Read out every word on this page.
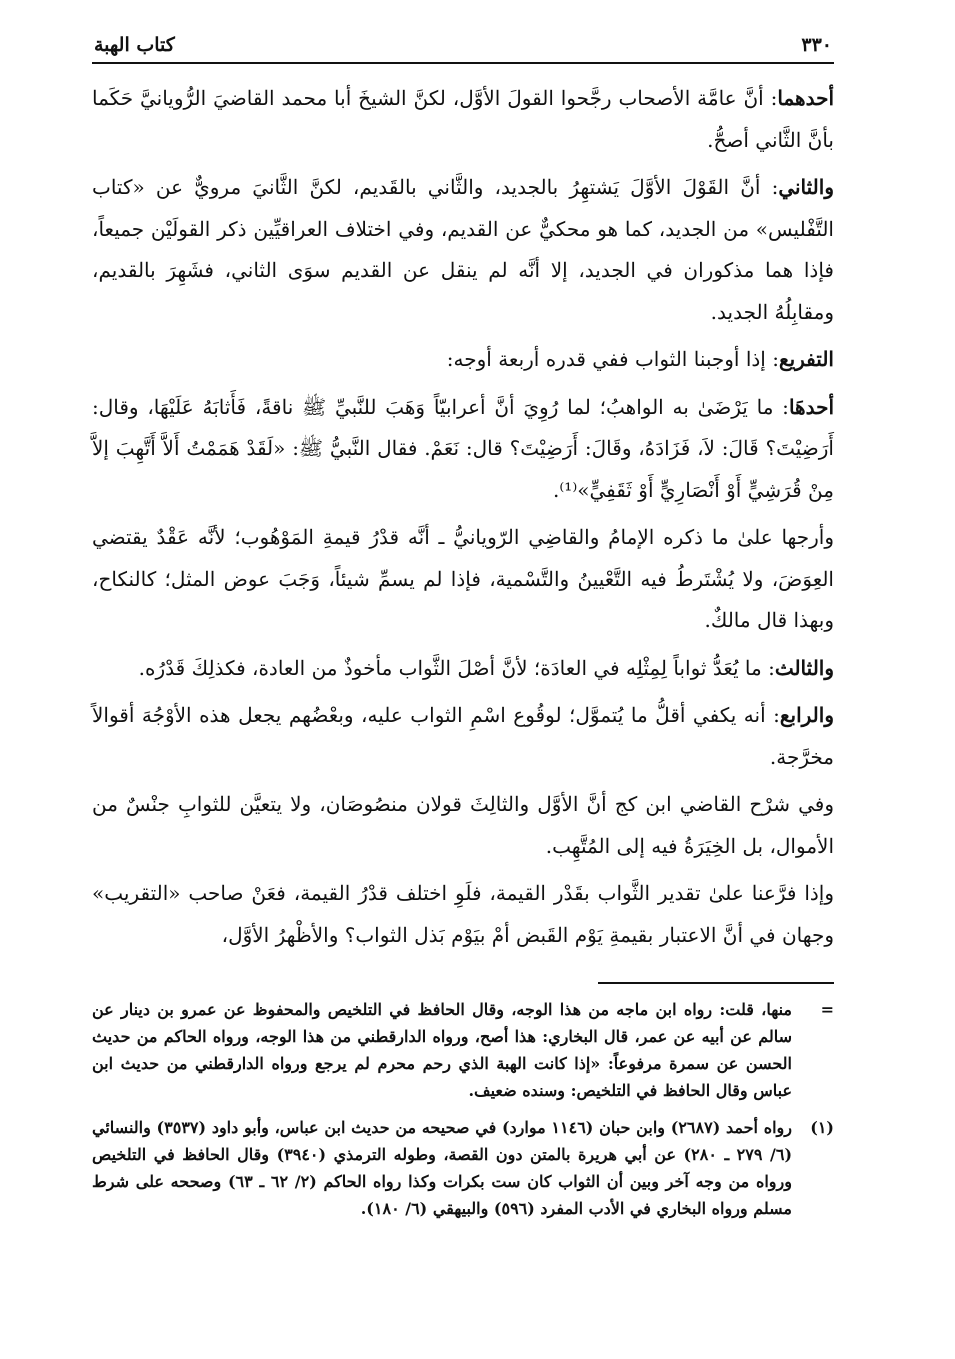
٣٣٠
كتاب الهبة

أحدهما: أنَّ عامَّة الأصحاب رجَّحوا القولَ الأوَّل، لكنَّ الشيخَ أبا محمد القاضيَ الرُّويانيَّ حَكَما بأنَّ الثَّاني أصحُّ.

والثاني: أنَّ القَوْلَ الأوَّلَ يَشتهِرُ بالجديد، والثَّاني بالقَديم، لكنَّ الثَّانيَ مرويٌّ عن «كتاب التَّفْليس» من الجديد، كما هو محكيٌّ عن القديم، وفي اختلاف العراقيِّين ذكر القولَيْن جميعاً، فإذا هما مذكوران في الجديد، إلا أنَّه لم ينقل عن القديم سوَى الثاني، فشَهِرَ بالقديم، ومقابِلُهُ الجديد.

التفريع: إذا أوجبنا الثواب ففي قدره أربعة أوجه:

أحدهَا: ما يَرْضَىٰ به الواهبُ؛ لما رُوِيَ أنَّ أعرابيّاً وَهَبَ للنَّبيِّ ﷺ ناقةً، فَأَثابَهُ عَلَيْهَا، وقال: أَرَضِيْتَ؟ قَالَ: لاَ، فَزَادَهُ، وقَالَ: أَرَضِيْتَ؟ قال: نَعَمْ. فقال النَّبيُّ ﷺ: «لَقَدْ هَمَمْتُ أَلاَّ أَتَّهِبَ إلاَّ مِنْ قُرَشِيٍّ أَوْ أَنْصَارِيٍّ أَوْ ثَقَفِيٍّ»⁽¹⁾.

وأرجها علىٰ ما ذكره الإمامُ والقاضِي الرّويانيُّ ـ أنَّه قدْرُ قيمةِ المَوْهُوب؛ لأنَّه عَقْدٌ يقتضي العِوَضَ، ولا يُشْتَرطُ فيه التَّعْيينُ والتَّسْمية، فإذا لم يسمِّ شيئاً، وَجَبَ عوض المثل؛ كالنكاح، وبهذا قال مالكٌ.

والثالث: ما يُعَدُّ ثواباً لِمِثْلِه في العادَة؛ لأنَّ أصْلَ الثَّواب مأخوذٌ من العادة، فكذلِكَ قَدْرُه.

والرابع: أنه يكفي أقلُّ ما يُتموَّل؛ لوقُوع اسْمِ الثواب عليه، وبعْضُهم يجعل هذه الأوْجُهَ أقوالاً مخرَّجة.

وفي شرْح القاضي ابن كج أنَّ الأوَّل والثالِثَ قولان منصُوصَان، ولا يتعيَّن للثوابِ جنْسٌ من الأموال، بل الخِيَرَةُ فيه إلى المُتَّهِب.

وإذا فرَّعنا علىٰ تقدير الثَّواب بقَدْر القيمة، فلَوِ اختلف قدْرُ القيمة، فعَنْ صاحب «التقريب» وجهان في أنَّ الاعتبار بقيمةِ يَوْم القَبض أمْ بيَوْم بَذل الثواب؟ والأظْهرُ الأوَّل،

=
منها، قلت: رواه ابن ماجه من هذا الوجه، وقال الحافظ في التلخيص والمحفوظ عن عمرو بن دينار عن سالم عن أبيه عن عمر، قال البخاري: هذا أصح، ورواه الدارقطني من هذا الوجه، ورواه الحاكم من حديث الحسن عن سمرة مرفوعاً: «إذا كانت الهبة الذي رحم محرم لم يرجع ورواه الدارقطني من حديث ابن عباس وقال الحافظ في التلخيص: وسنده ضعيف.
(١)
رواه أحمد (٢٦٨٧) وابن حبان (١١٤٦ موارد) في صحيحه من حديث ابن عباس، وأبو داود (٣٥٣٧) والنسائي (٦/ ٢٧٩ ـ ٢٨٠) عن أبي هريرة بالمتن دون القصة، وطوله الترمذي (٣٩٤٠) وقال الحافظ في التلخيص ورواه من وجه آخر وبين أن الثواب كان ست بكرات وكذا رواه الحاكم (٢/ ٦٢ ـ ٦٣) وصححه على شرط مسلم ورواه البخاري في الأدب المفرد (٥٩٦) والبيهقي (٦/ ١٨٠).
